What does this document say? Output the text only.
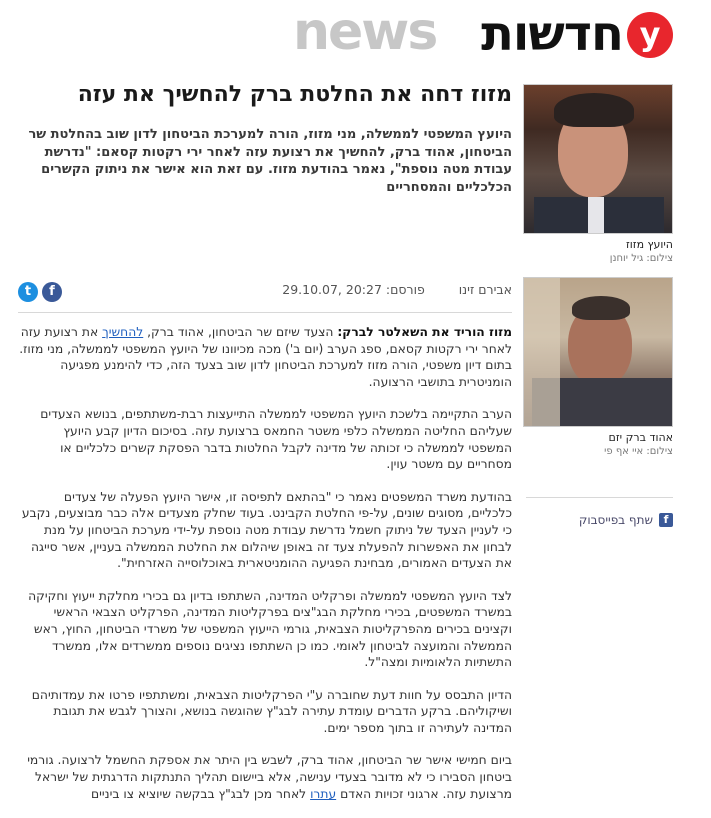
news חדשות y
מזוז דחה את החלטת ברק להחשיך את עזה
היועץ המשפטי לממשלה, מני מזוז, הורה למערכת הביטחון לדון שוב בהחלטת שר הביטחון, אהוד ברק, להחשיך את רצועת עזה לאחר ירי רקטות קסאם: "נדרשת עבודת מטה נוספת", נאמר בהודעת מזוז. עם זאת הוא אישר את ניתוק הקשרים הכלכליים והמסחריים
אבירם זינו  פורסם: 29.10.07, 20:27
t	f

מזוז הוריד את השאלטר לברק: הצעד שיזם שר הביטחון, אהוד ברק, להחשיך את רצועת עזה לאחר ירי רקטות קסאם, ספג הערב (יום ב') מכה מכיוונו של היועץ המשפטי לממשלה, מני מזוז. בתום דיון משפטי, הורה מזוז למערכת הביטחון לדון שוב בצעד הזה, כדי להימנע מפגיעה הומניטרית בתושבי הרצועה.

הערב התקיימה בלשכת היועץ המשפטי לממשלה התייעצות רבת-משתתפים, בנושא הצעדים שעליהם החליטה הממשלה כלפי משטר החמאס ברצועת עזה. בסיכום הדיון קבע היועץ המשפטי לממשלה כי זכותה של מדינה לקבל החלטות בדבר הפסקת קשרים כלכליים או מסחריים עם משטר עוין.

בהודעת משרד המשפטים נאמר כי "בהתאם לתפיסה זו, אישר היועץ הפעלה של צעדים כלכליים, מסוגים שונים, על-פי החלטת הקבינט. בעוד שחלק מצעדים אלה כבר מבוצעים, נקבע כי לעניין הצעד של ניתוק חשמל נדרשת עבודת מטה נוספת על-ידי מערכת הביטחון על מנת לבחון את האפשרות להפעלת צעד זה באופן שיהלום את החלטת הממשלה בעניין, אשר סייגה את הצעדים האמורים, מבחינת הפגיעה ההומניטארית באוכלוסייה האזרחית".

לצד היועץ המשפטי לממשלה ופרקליט המדינה, השתתפו בדיון גם בכירי מחלקת ייעוץ וחקיקה במשרד המשפטים, בכירי מחלקת הבג"צים בפרקליטות המדינה, הפרקליט הצבאי הראשי וקצינים בכירים מהפרקליטות הצבאית, גורמי הייעוץ המשפטי של משרדי הביטחון, החוץ, ראש הממשלה והמועצה לביטחון לאומי. כמו כן השתתפו נציגים נוספים ממשרדים אלו, ממשרד התשתיות הלאומיות ומצה"ל.

הדיון התבסס על חוות דעת שחוברה ע"י הפרקליטות הצבאית, ומשתתפיו פרטו את עמדותיהם ושיקוליהם. ברקע הדברים עומדת עתירה לבג"ץ שהוגשה בנושא, והצורך לגבש את תגובת המדינה לעתירה זו בתוך מספר ימים.

ביום חמישי אישר שר הביטחון, אהוד ברק, לשבש בין היתר את אספקת החשמל לרצועה. גורמי ביטחון הסבירו כי לא מדובר בצעדי ענישה, אלא ביישום תהליך התנתקות הדרגתית של ישראל מרצועת עזה. ארגוני זכויות האדם עתרו לאחר מכן לבג"ץ בבקשה שיוציא צו ביניים

היועץ מזוז
צילום: גיל יוחנן
אהוד ברק יזם
צילום: איי אף פי
f
שתף בפייסבוק
